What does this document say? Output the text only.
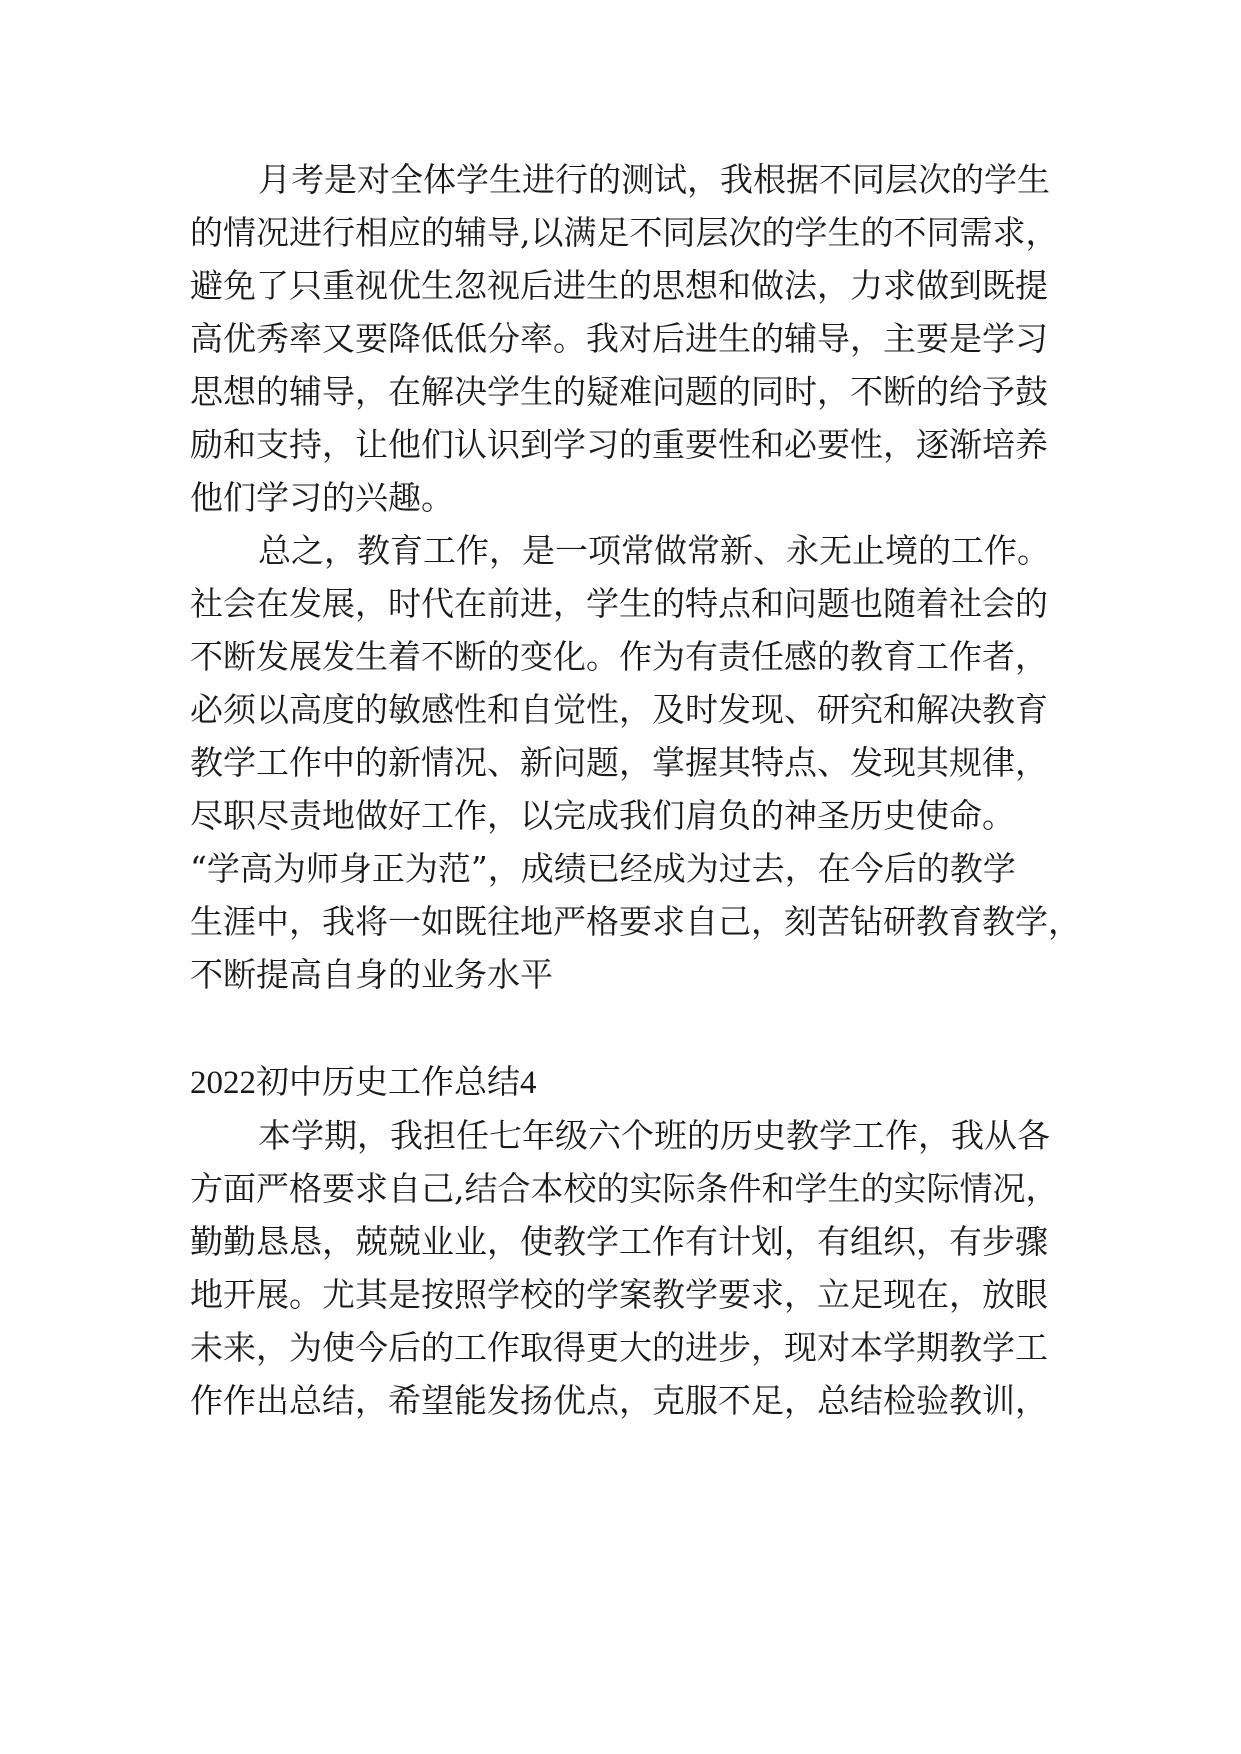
月考是对全体学生进行的测试，我根据不同层次的学生
的情况进行相应的辅导,以满足不同层次的学生的不同需求，
避免了只重视优生忽视后进生的思想和做法，力求做到既提
高优秀率又要降低低分率。我对后进生的辅导，主要是学习
思想的辅导，在解决学生的疑难问题的同时，不断的给予鼓
励和支持，让他们认识到学习的重要性和必要性，逐渐培养
他们学习的兴趣。
总之，教育工作，是一项常做常新、永无止境的工作。
社会在发展，时代在前进，学生的特点和问题也随着社会的
不断发展发生着不断的变化。作为有责任感的教育工作者，
必须以高度的敏感性和自觉性，及时发现、研究和解决教育
教学工作中的新情况、新问题，掌握其特点、发现其规律，
尽职尽责地做好工作，以完成我们肩负的神圣历史使命。
“学高为师身正为范”，成绩已经成为过去，在今后的教学
生涯中，我将一如既往地严格要求自己，刻苦钻研教育教学，
不断提高自身的业务水平
2022初中历史工作总结4
本学期，我担任七年级六个班的历史教学工作，我从各
方面严格要求自己,结合本校的实际条件和学生的实际情况，
勤勤恳恳，兢兢业业，使教学工作有计划，有组织，有步骤
地开展。尤其是按照学校的学案教学要求，立足现在，放眼
未来，为使今后的工作取得更大的进步，现对本学期教学工
作作出总结，希望能发扬优点，克服不足，总结检验教训，
